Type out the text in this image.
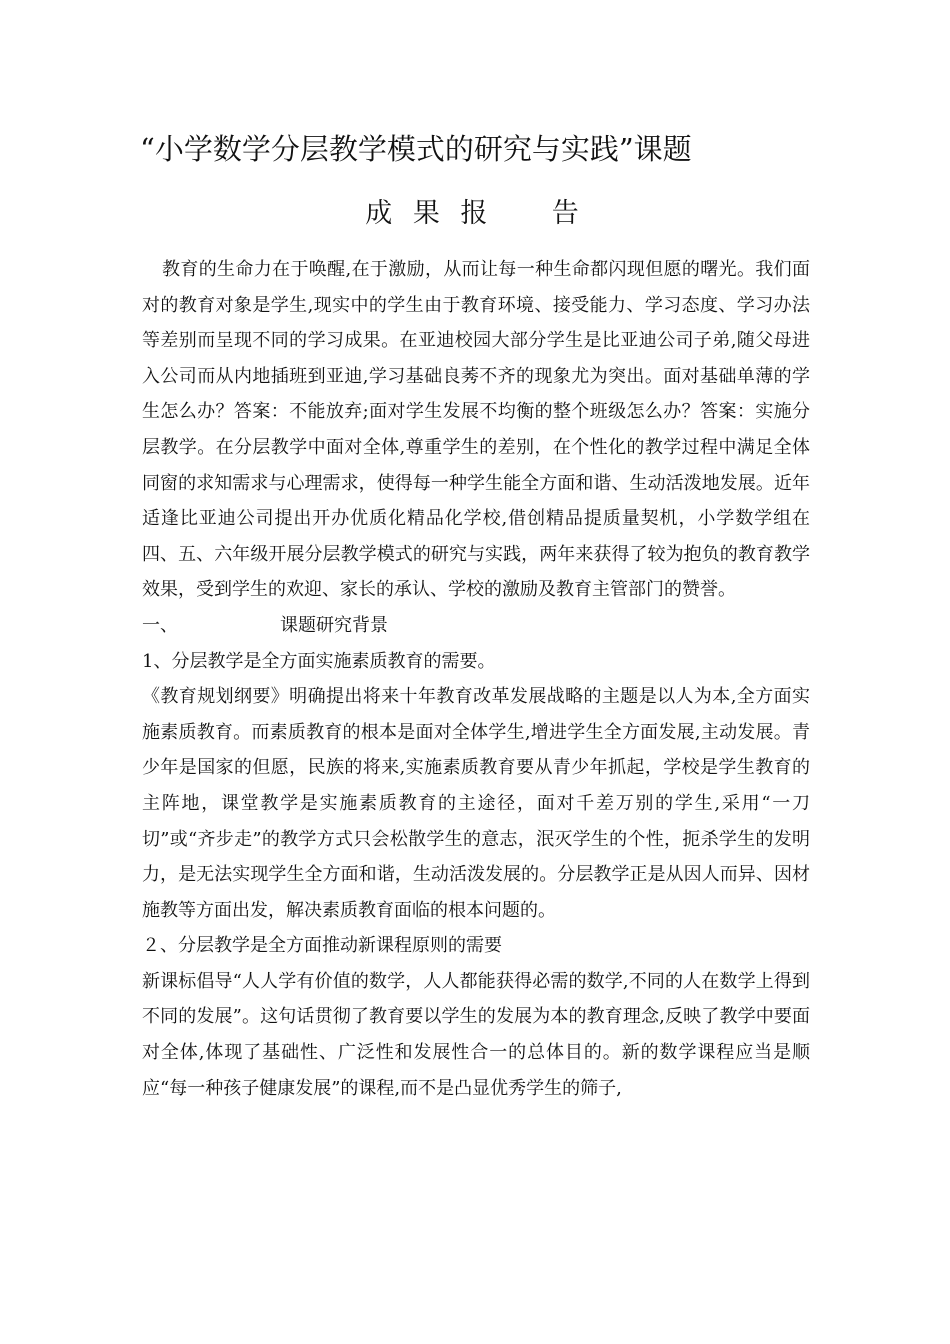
“小学数学分层教学模式的研究与实践”课题
成 果 报    告

教育的生命力在于唤醒,在于激励，从而让每一种生命都闪现但愿的曙光。我们面对的教育对象是学生,现实中的学生由于教育环境、接受能力、学习态度、学习办法等差别而呈现不同的学习成果。在亚迪校园大部分学生是比亚迪公司子弟,随父母进入公司而从内地插班到亚迪,学习基础良莠不齐的现象尤为突出。面对基础单薄的学生怎么办？答案：不能放弃;面对学生发展不均衡的整个班级怎么办？答案：实施分层教学。在分层教学中面对全体,尊重学生的差别，在个性化的教学过程中满足全体同窗的求知需求与心理需求，使得每一种学生能全方面和谐、生动活泼地发展。近年适逢比亚迪公司提出开办优质化精品化学校,借创精品提质量契机，小学数学组在四、五、六年级开展分层教学模式的研究与实践，两年来获得了较为抱负的教育教学效果，受到学生的欢迎、家长的承认、学校的激励及教育主管部门的赞誉。

一、	课题研究背景

1、分层教学是全方面实施素质教育的需要。

《教育规划纲要》明确提出将来十年教育改革发展战略的主题是以人为本,全方面实施素质教育。而素质教育的根本是面对全体学生,增进学生全方面发展,主动发展。青少年是国家的但愿，民族的将来,实施素质教育要从青少年抓起，学校是学生教育的主阵地，课堂教学是实施素质教育的主途径，面对千差万别的学生,采用“一刀切”或“齐步走”的教学方式只会松散学生的意志，泯灭学生的个性，扼杀学生的发明力，是无法实现学生全方面和谐，生动活泼发展的。分层教学正是从因人而异、因材施教等方面出发，解决素质教育面临的根本问题的。

２、分层教学是全方面推动新课程原则的需要

新课标倡导“人人学有价值的数学，人人都能获得必需的数学,不同的人在数学上得到不同的发展”。这句话贯彻了教育要以学生的发展为本的教育理念,反映了教学中要面对全体,体现了基础性、广泛性和发展性合一的总体目的。新的数学课程应当是顺应“每一种孩子健康发展”的课程,而不是凸显优秀学生的筛子,
